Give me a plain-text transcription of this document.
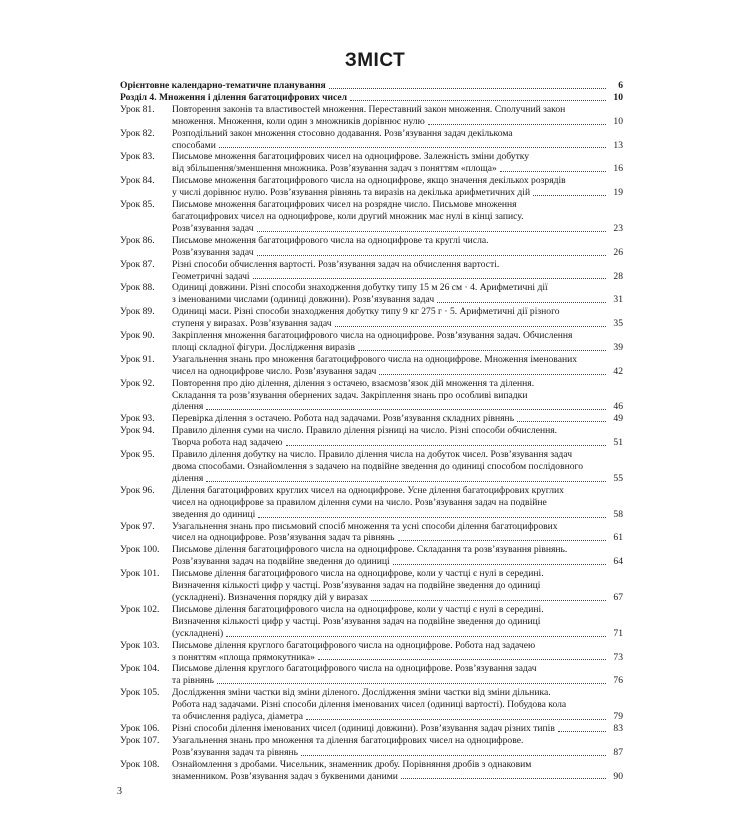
ЗМІСТ
Орієнтовне календарно-тематичне планування	6
Розділ 4. Множення і ділення багатоцифрових чисел	10
Урок 81.	Повторення законів та властивостей множення. Переставний закон множення. Сполучний закон
множення. Множення, коли один з множників дорівнює нулю	10
Урок 82.	Розподільний закон множення стосовно додавання. Розв’язування задач декількома
способами	13
Урок 83.	Письмове множення багатоцифрових чисел на одноцифрове. Залежність зміни добутку
від збільшення/зменшення множника. Розв’язування задач з поняттям «площа»	16
Урок 84.	Письмове множення багатоцифрового числа на одноцифрове, якщо значення декількох розрядів
у числі дорівнює нулю. Розв’язування рівнянь та виразів на декілька арифметичних дій	19
Урок 85.	Письмове множення багатоцифрових чисел на розрядне число. Письмове множення
багатоцифрових чисел на одноцифрове, коли другий множник має нулі в кінці запису.
Розв’язування задач	23
Урок 86.	Письмове множення багатоцифрового числа на одноцифрове та круглі числа.
Розв’язування задач	26
Урок 87.	Різні способи обчислення вартості. Розв’язування задач на обчислення вартості.
Геометричні задачі	28
Урок 88.	Одиниці довжини. Різні способи знаходження добутку типу 15 м 26 см · 4. Арифметичні дії
з іменованими числами (одиниці довжини). Розв’язування задач	31
Урок 89.	Одиниці маси. Різні способи знаходження добутку типу 9 кг 275 г · 5. Арифметичні дії різного
ступеня у виразах. Розв’язування задач	35
Урок 90.	Закріплення множення багатоцифрового числа на одноцифрове. Розв’язування задач. Обчислення
площі складної фігури. Дослідження виразів	39
Урок 91.	Узагальнення знань про множення багатоцифрового числа на одноцифрове. Множення іменованих
чисел на одноцифрове число. Розв’язування задач	42
Урок 92.	Повторення про дію ділення, ділення з остачею, взаємозв’язок дій множення та ділення.
Складання та розв’язування обернених задач. Закріплення знань про особливі випадки
ділення	46
Урок 93.	Перевірка ділення з остачею. Робота над задачами. Розв’язування складних рівнянь	49
Урок 94.	Правило ділення суми на число. Правило ділення різниці на число. Різні способи обчислення.
Творча робота над задачею	51
Урок 95.	Правило ділення добутку на число. Правило ділення числа на добуток чисел. Розв’язування задач
двома способами. Ознайомлення з задачею на подвійне зведення до одиниці способом послідовного
ділення	55
Урок 96.	Ділення багатоцифрових круглих чисел на одноцифрове. Усне ділення багатоцифрових круглих
чисел на одноцифрове за правилом ділення суми на число. Розв’язування задач на подвійне
зведення до одиниці	58
Урок 97.	Узагальнення знань про письмовий спосіб множення та усні способи ділення багатоцифрових
чисел на одноцифрове. Розв’язування задач та рівнянь	61
Урок 100.	Письмове ділення багатоцифрового числа на одноцифрове. Складання та розв’язування рівнянь.
Розв’язування задач на подвійне зведення до одиниці	64
Урок 101.	Письмове ділення багатоцифрового числа на одноцифрове, коли у частці є нулі в середині.
Визначення кількості цифр у частці. Розв’язування задач на подвійне зведення до одиниці
(ускладнені). Визначення порядку дій у виразах	67
Урок 102.	Письмове ділення багатоцифрового числа на одноцифрове, коли у частці є нулі в середині.
Визначення кількості цифр у частці. Розв’язування задач на подвійне зведення до одиниці
(ускладнені)	71
Урок 103.	Письмове ділення круглого багатоцифрового числа на одноцифрове. Робота над задачею
з поняттям «площа прямокутника»	73
Урок 104.	Письмове ділення круглого багатоцифрового числа на одноцифрове. Розв’язування задач
та рівнянь	76
Урок 105.	Дослідження зміни частки від зміни діленого. Дослідження зміни частки від зміни дільника.
Робота над задачами. Різні способи ділення іменованих чисел (одиниці вартості). Побудова кола
та обчислення радіуса, діаметра	79
Урок 106.	Різні способи ділення іменованих чисел (одиниці довжини). Розв’язування задач різних типів	83
Урок 107.	Узагальнення знань про множення та ділення багатоцифрових чисел на одноцифрове.
Розв’язування задач та рівнянь	87
Урок 108.	Ознайомлення з дробами. Чисельник, знаменник дробу. Порівняння дробів з однаковим
знаменником. Розв’язування задач з буквеними даними	90
3
